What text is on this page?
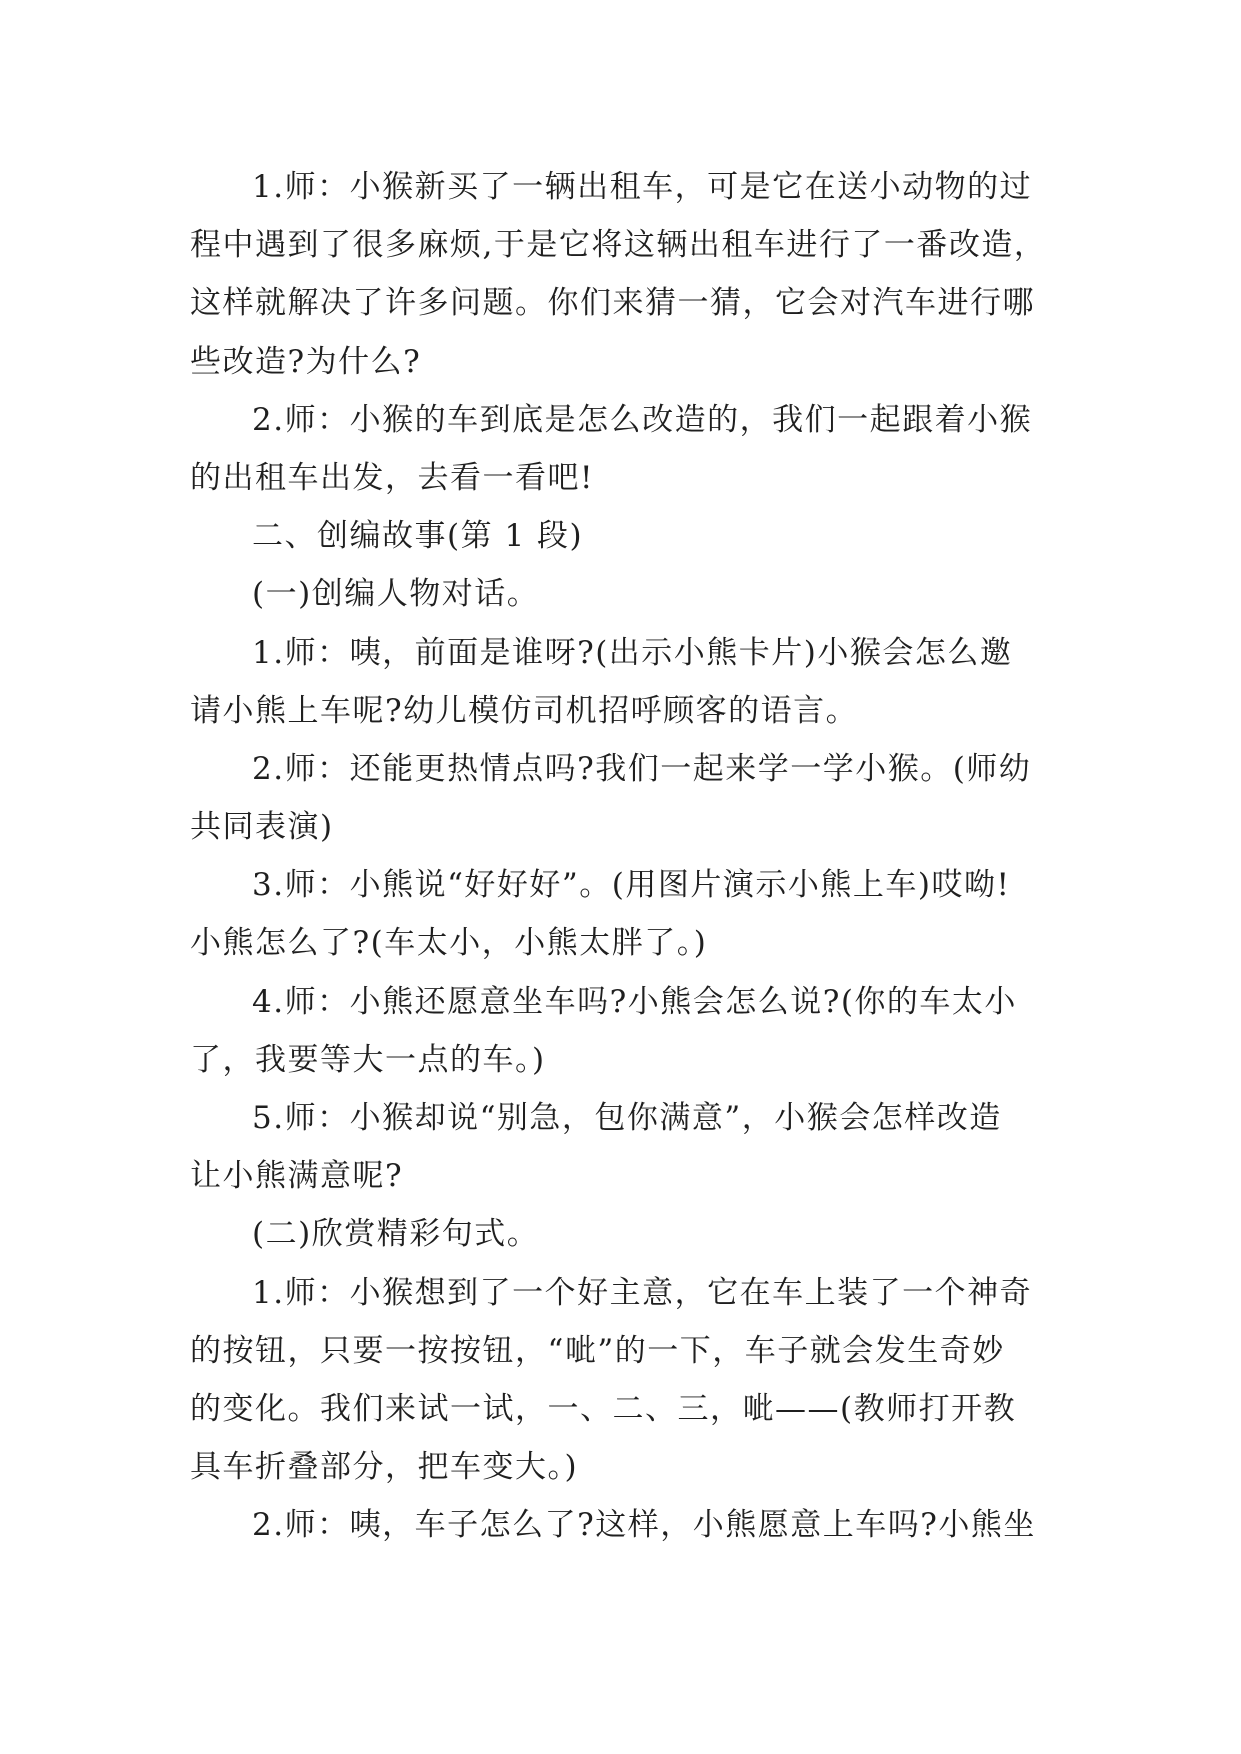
1.师：小猴新买了一辆出租车，可是它在送小动物的过
程中遇到了很多麻烦,于是它将这辆出租车进行了一番改造，
这样就解决了许多问题。你们来猜一猜，它会对汽车进行哪
些改造?为什么?
2.师：小猴的车到底是怎么改造的，我们一起跟着小猴
的出租车出发，去看一看吧!
二、创编故事(第 1 段)
(一)创编人物对话。
1.师：咦，前面是谁呀?(出示小熊卡片)小猴会怎么邀
请小熊上车呢?幼儿模仿司机招呼顾客的语言。
2.师：还能更热情点吗?我们一起来学一学小猴。(师幼
共同表演)
3.师：小熊说“好好好”。(用图片演示小熊上车)哎呦!
小熊怎么了?(车太小，小熊太胖了。)
4.师：小熊还愿意坐车吗?小熊会怎么说?(你的车太小
了，我要等大一点的车。)
5.师：小猴却说“别急，包你满意”，小猴会怎样改造
让小熊满意呢?
(二)欣赏精彩句式。
1.师：小猴想到了一个好主意，它在车上装了一个神奇
的按钮，只要一按按钮，“呲”的一下，车子就会发生奇妙
的变化。我们来试一试，一、二、三，呲——(教师打开教
具车折叠部分，把车变大。)
2.师：咦，车子怎么了?这样，小熊愿意上车吗?小熊坐
